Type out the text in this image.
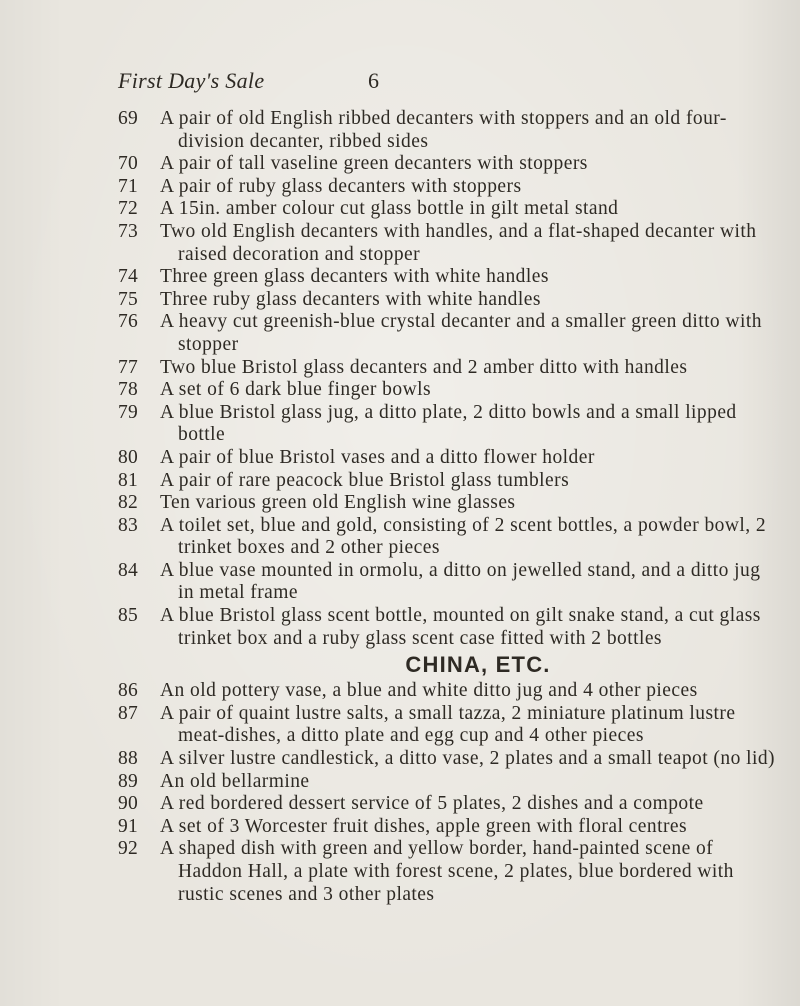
First Day's Sale	6
69	A pair of old English ribbed decanters with stoppers and an old four-division decanter, ribbed sides
70	A pair of tall vaseline green decanters with stoppers
71	A pair of ruby glass decanters with stoppers
72	A 15in. amber colour cut glass bottle in gilt metal stand
73	Two old English decanters with handles, and a flat-shaped decanter with raised decoration and stopper
74	Three green glass decanters with white handles
75	Three ruby glass decanters with white handles
76	A heavy cut greenish-blue crystal decanter and a smaller green ditto with stopper
77	Two blue Bristol glass decanters and 2 amber ditto with handles
78	A set of 6 dark blue finger bowls
79	A blue Bristol glass jug, a ditto plate, 2 ditto bowls and a small lipped bottle
80	A pair of blue Bristol vases and a ditto flower holder
81	A pair of rare peacock blue Bristol glass tumblers
82	Ten various green old English wine glasses
83	A toilet set, blue and gold, consisting of 2 scent bottles, a powder bowl, 2 trinket boxes and 2 other pieces
84	A blue vase mounted in ormolu, a ditto on jewelled stand, and a ditto jug in metal frame
85	A blue Bristol glass scent bottle, mounted on gilt snake stand, a cut glass trinket box and a ruby glass scent case fitted with 2 bottles
CHINA, ETC.
86	An old pottery vase, a blue and white ditto jug and 4 other pieces
87	A pair of quaint lustre salts, a small tazza, 2 miniature platinum lustre meat-dishes, a ditto plate and egg cup and 4 other pieces
88	A silver lustre candlestick, a ditto vase, 2 plates and a small teapot (no lid)
89	An old bellarmine
90	A red bordered dessert service of 5 plates, 2 dishes and a compote
91	A set of 3 Worcester fruit dishes, apple green with floral centres
92	A shaped dish with green and yellow border, hand-painted scene of Haddon Hall, a plate with forest scene, 2 plates, blue bordered with rustic scenes and 3 other plates
